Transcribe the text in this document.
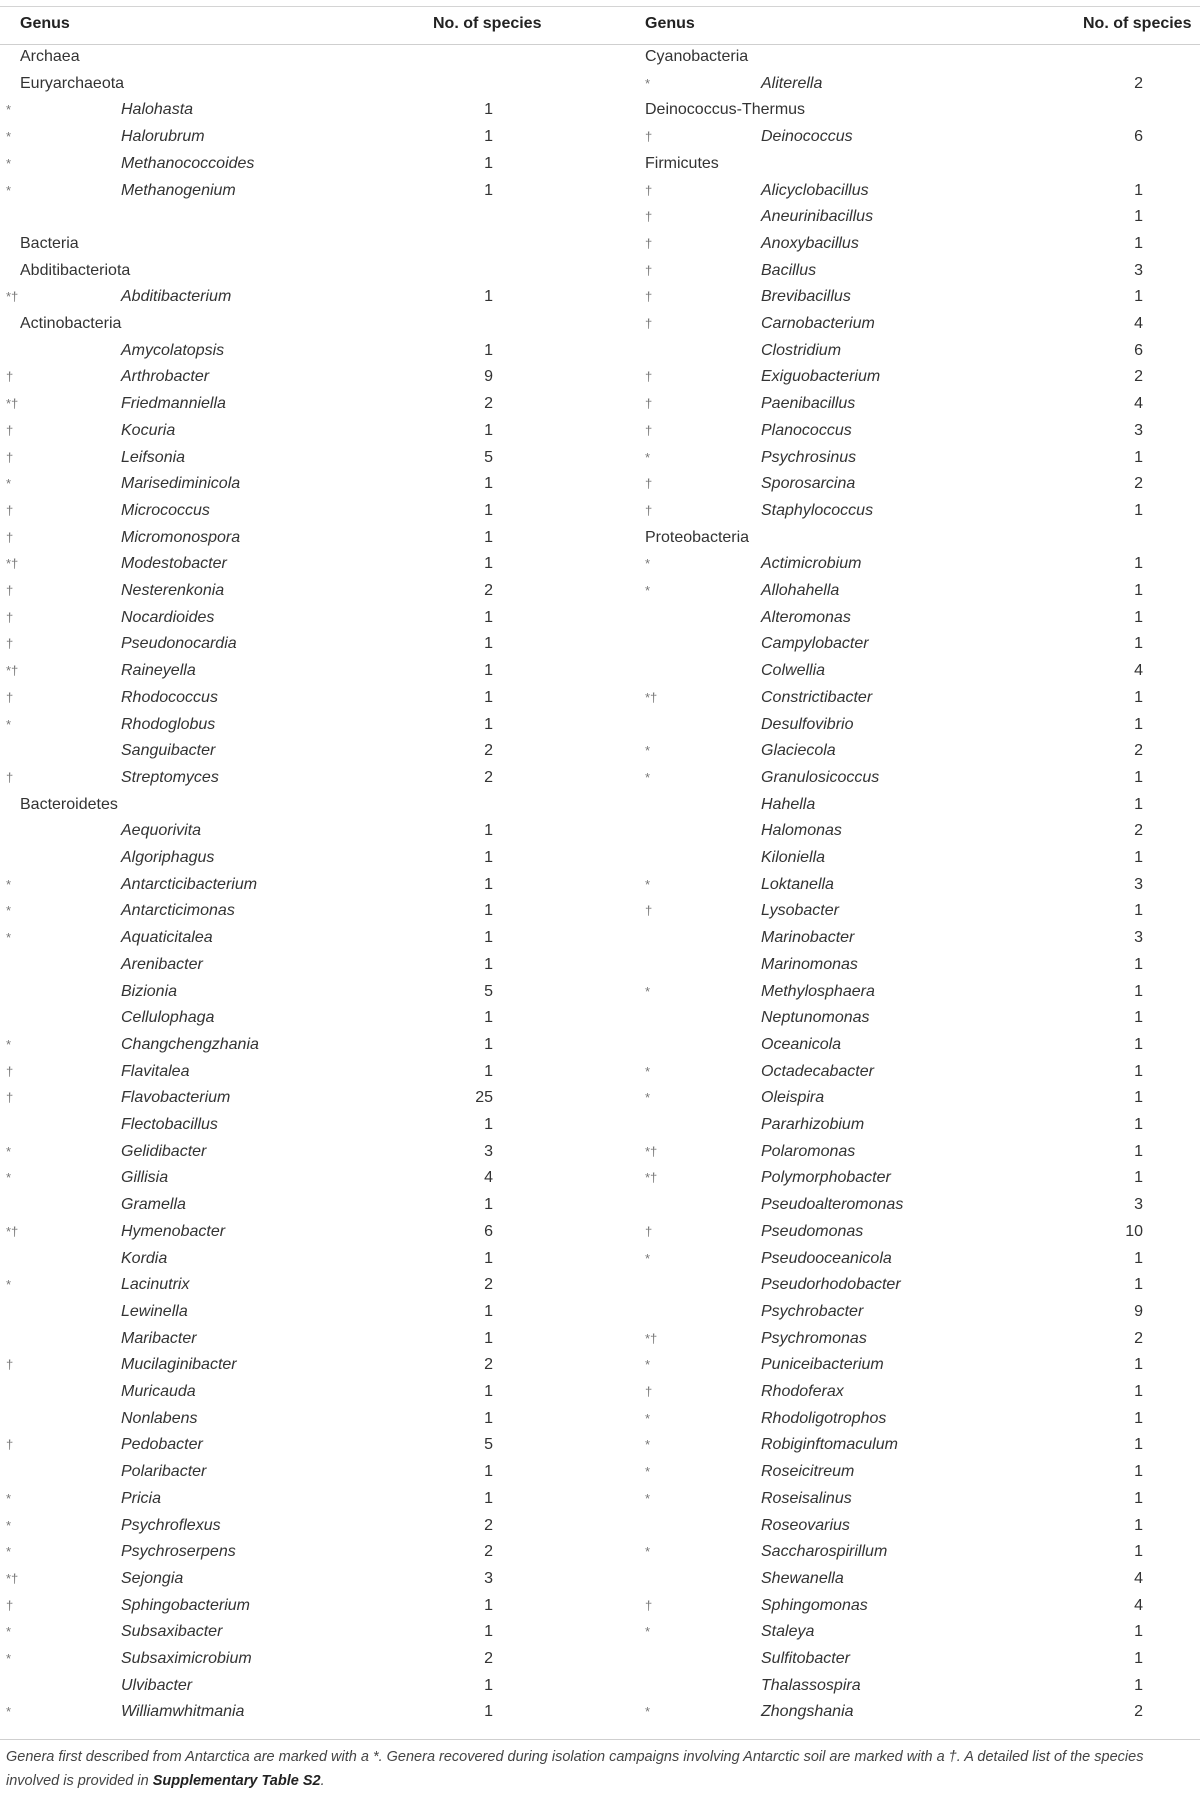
Genus	No. of species	Genus	No. of species
Archaea
Euryarchaeota
*	Halohasta	1
*	Halorubrum	1
*	Methanococcoides	1
*	Methanogenium	1
Bacteria
Abditibacteriota
*†	Abditibacterium	1
Actinobacteria
Amycolatopsis	1
†	Arthrobacter	9
*†	Friedmanniella	2
†	Kocuria	1
†	Leifsonia	5
*	Marisediminicola	1
†	Micrococcus	1
†	Micromonospora	1
*†	Modestobacter	1
†	Nesterenkonia	2
†	Nocardioides	1
†	Pseudonocardia	1
*†	Raineyella	1
†	Rhodococcus	1
*	Rhodoglobus	1
Sanguibacter	2
†	Streptomyces	2
Bacteroidetes
Aequorivita	1
Algoriphagus	1
*	Antarcticibacterium	1
*	Antarcticimonas	1
*	Aquaticitalea	1
Arenibacter	1
Bizionia	5
Cellulophaga	1
*	Changchengzhania	1
†	Flavitalea	1
†	Flavobacterium	25
Flectobacillus	1
*	Gelidibacter	3
*	Gillisia	4
Gramella	1
*†	Hymenobacter	6
Kordia	1
*	Lacinutrix	2
Lewinella	1
Maribacter	1
†	Mucilaginibacter	2
Muricauda	1
Nonlabens	1
†	Pedobacter	5
Polaribacter	1
*	Pricia	1
*	Psychroflexus	2
*	Psychroserpens	2
*†	Sejongia	3
†	Sphingobacterium	1
*	Subsaxibacter	1
*	Subsaximicrobium	2
Ulvibacter	1
*	Williamwhitmania	1
Cyanobacteria
*	Aliterella	2
Deinococcus-Thermus
†	Deinococcus	6
Firmicutes
†	Alicyclobacillus	1
†	Aneurinibacillus	1
†	Anoxybacillus	1
†	Bacillus	3
†	Brevibacillus	1
†	Carnobacterium	4
Clostridium	6
†	Exiguobacterium	2
†	Paenibacillus	4
†	Planococcus	3
*	Psychrosinus	1
†	Sporosarcina	2
†	Staphylococcus	1
Proteobacteria
*	Actimicrobium	1
*	Allohahella	1
Alteromonas	1
Campylobacter	1
Colwellia	4
*†	Constrictibacter	1
Desulfovibrio	1
*	Glaciecola	2
*	Granulosicoccus	1
Hahella	1
Halomonas	2
Kiloniella	1
*	Loktanella	3
†	Lysobacter	1
Marinobacter	3
Marinomonas	1
*	Methylosphaera	1
Neptunomonas	1
Oceanicola	1
*	Octadecabacter	1
*	Oleispira	1
Pararhizobium	1
*†	Polaromonas	1
*†	Polymorphobacter	1
Pseudoalteromonas	3
†	Pseudomonas	10
*	Pseudooceanicola	1
Pseudorhodobacter	1
Psychrobacter	9
*†	Psychromonas	2
*	Puniceibacterium	1
†	Rhodoferax	1
*	Rhodoligotrophos	1
*	Robiginftomaculum	1
*	Roseicitreum	1
*	Roseisalinus	1
Roseovarius	1
*	Saccharospirillum	1
Shewanella	4
†	Sphingomonas	4
*	Staleya	1
Sulfitobacter	1
Thalassospira	1
*	Zhongshania	2
Genera first described from Antarctica are marked with a *. Genera recovered during isolation campaigns involving Antarctic soil are marked with a †. A detailed list of the species involved is provided in Supplementary Table S2.
